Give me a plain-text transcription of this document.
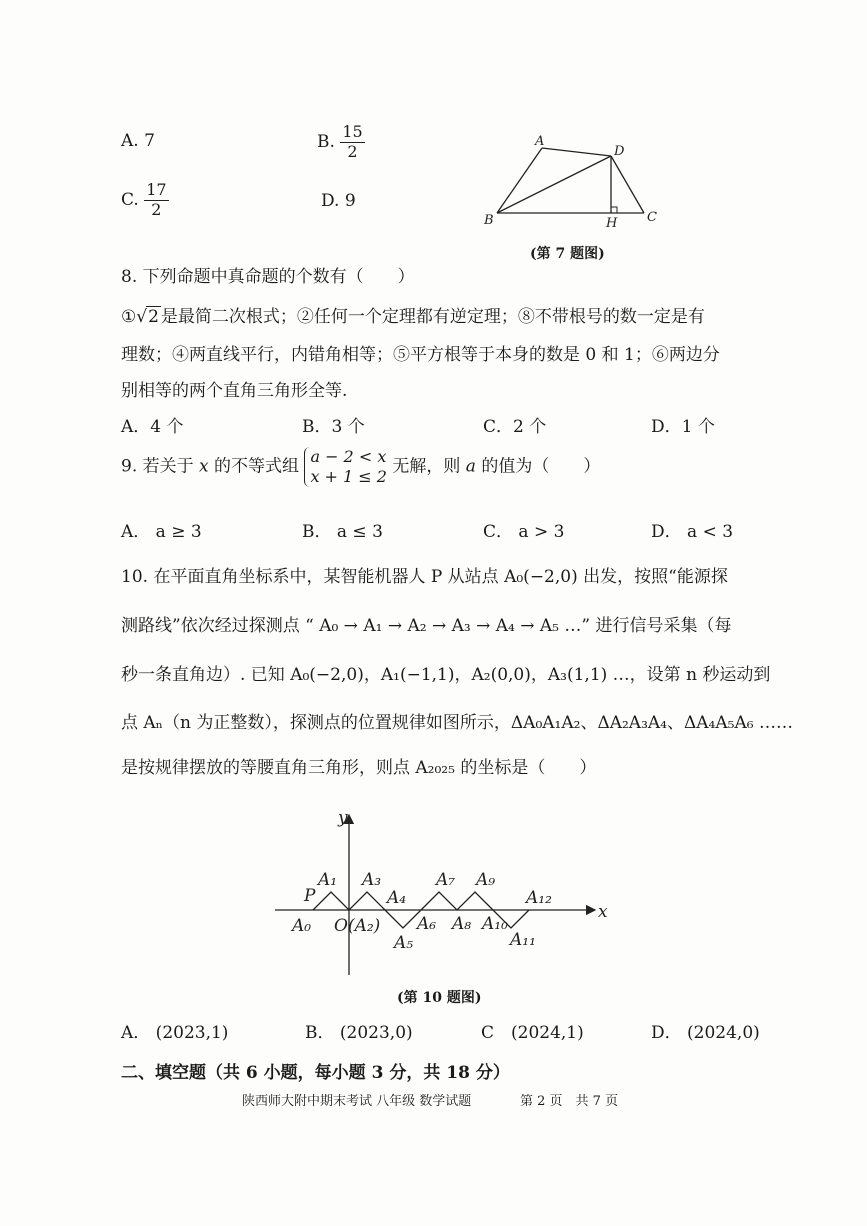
A. 7	B. $\frac{15}{2}$
C. $\frac{17}{2}$	D. 9
A
D
B	H C
(第 7 题图)
8. 下列命题中真命题的个数有（　　）
①√2 是最简二次根式；②任何一个定理都有逆定理；⑧不带根号的数一定是有
理数；④两直线平行，内错角相等；⑤平方根等于本身的数是 0 和 1；⑥两边分
别相等的两个直角三角形全等.
A．4 个	B．3 个	C．2 个	D．1 个
9. 若关于 x 的不等式组 a − 2 < x
x + 1 ≤ 2 无解，则 a 的值为（　　）
A． a ≥ 3	B． a ≤ 3	C． a > 3	D． a < 3
10. 在平面直角坐标系中，某智能机器人 P 从站点 A₀(−2,0) 出发，按照“能源探
测路线”依次经过探测点 “ A₀ → A₁ → A₂ → A₃ → A₄ → A₅ …” 进行信号采集（每
秒一条直角边）. 已知 A₀(−2,0)，A₁(−1,1)，A₂(0,0)，A₃(1,1) …，设第 n 秒运动到
点 Aₙ（n 为正整数），探测点的位置规律如图所示，ΔA₀A₁A₂、ΔA₂A₃A₄、ΔA₄A₅A₆ ……
是按规律摆放的等腰直角三角形，则点 A₂₀₂₅ 的坐标是（　　）
y
x
P
O(A₂)
A₀
A₁ A₃
A₄
A₅
A₆
A₇
A₈
A₉
A₁₀
A₁₁
A₁₂
(第 10 题图)
A． (2023,1)	B． (2023,0)	C　(2024,1)	D． (2024,0)
二、填空题（共 6 小题，每小题 3 分，共 18 分）
陕西师大附中期末考试 八年级 数学试题	第 2 页　共 7 页
